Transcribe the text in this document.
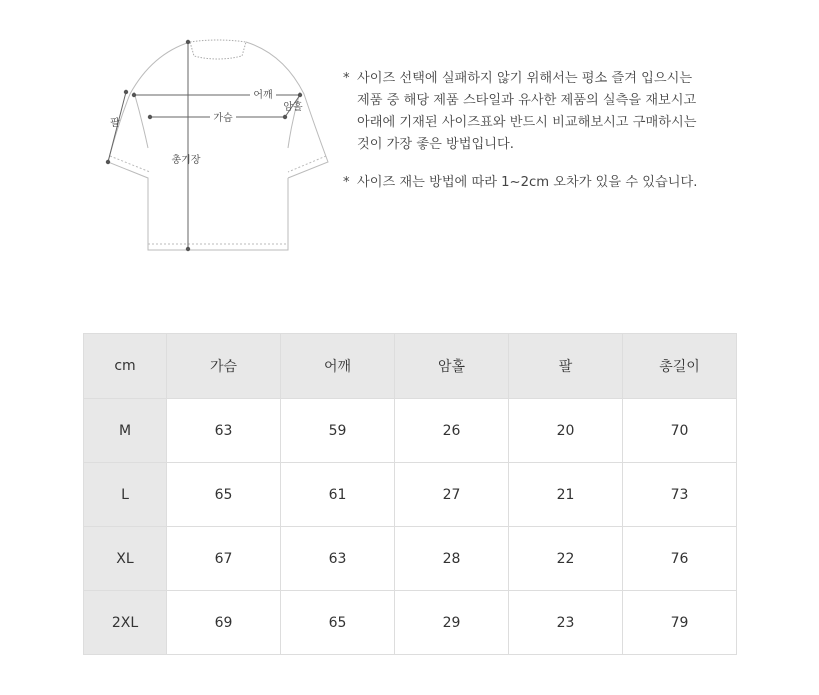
어깨
암홀
가슴
팔
총기장
* 사이즈 선택에 실패하지 않기 위해서는 평소 즐겨 입으시는
제품 중 해당 제품 스타일과 유사한 제품의 실측을 재보시고
아래에 기재된 사이즈표와 반드시 비교해보시고 구매하시는
것이 가장 좋은 방법입니다.
* 사이즈 재는 방법에 따라 1~2cm 오차가 있을 수 있습니다.
cm	가슴	어깨	암홀	팔	총길이
M	63	59	26	20	70
L	65	61	27	21	73
XL	67	63	28	22	76
2XL	69	65	29	23	79
